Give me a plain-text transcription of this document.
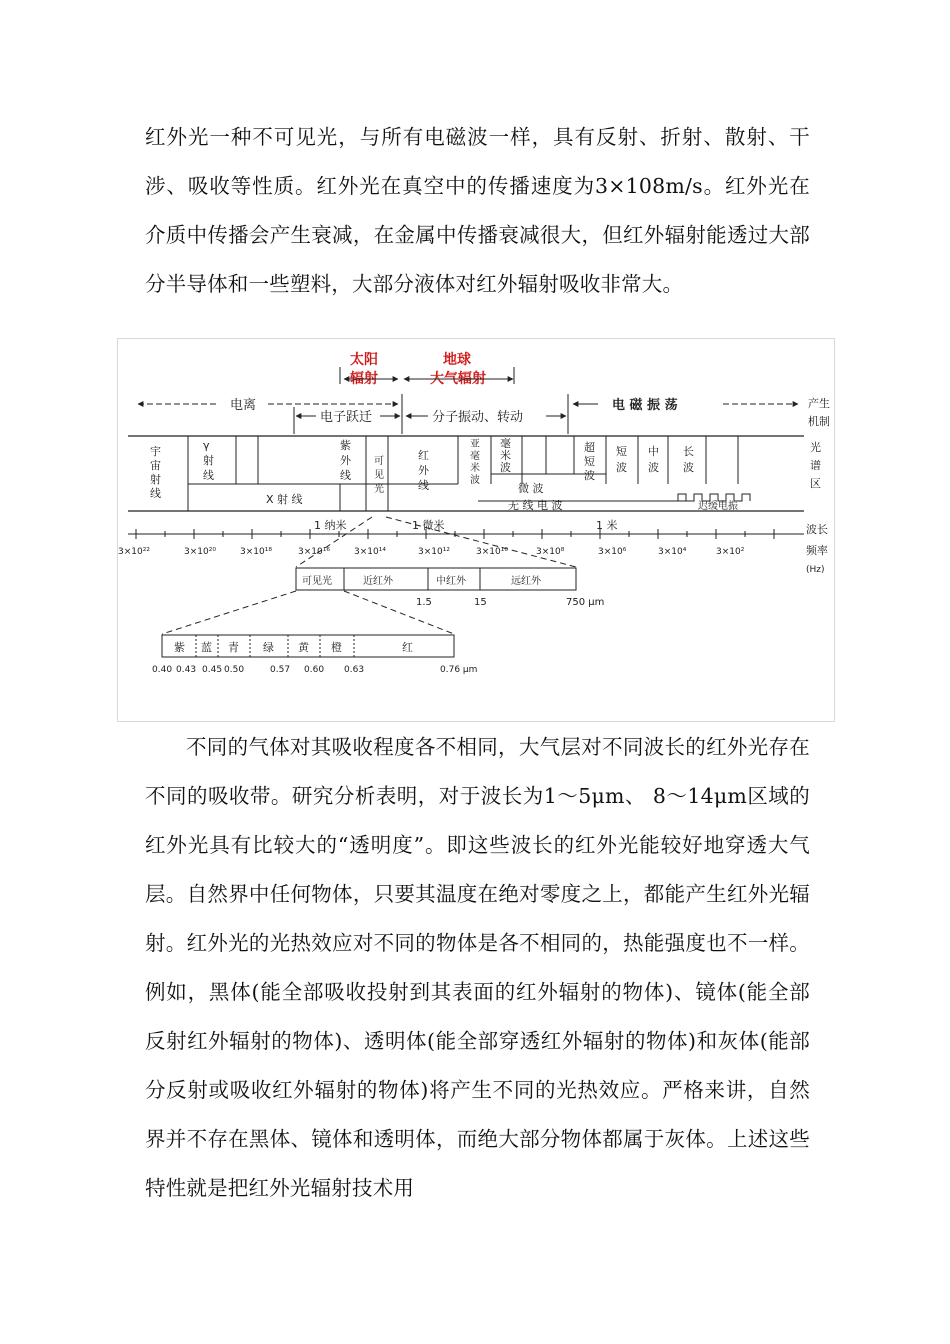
红外光一种不可见光，与所有电磁波一样，具有反射、折射、散射、干涉、吸收等性质。红外光在真空中的传播速度为3×108m/s。红外光在介质中传播会产生衰减，在金属中传播衰减很大，但红外辐射能透过大部分半导体和一些塑料，大部分液体对红外辐射吸收非常大。

太阳
辐射
地球
大气辐射
电离
电子跃迁	分子振动、转动
电 磁 振 荡	产生
机制
宇
宙
射
线
γ
射
线
紫
外
线
可
见
光
红
外
线
亚
毫
米
波
毫
米
波
微 波
超
短
波
短
波
中
波
长
波
X 射 线	无 线 电 波	迟缓电振
光
谱
区
1 纳米	1 微米	1 米	波长
3×10²²	3×10²⁰	3×10¹⁸	3×10¹⁶	3×10¹⁴	3×10¹²	3×10¹⁰	3×10⁸	3×10⁶	3×10⁴	3×10²	频率
(Hz)
可见光	近红外	中红外	远红外
1.5	15	750 μm
紫 蓝 青 绿 黄 橙	红
0.40 0.43 0.45 0.50	0.57 0.60 0.63	0.76 μm

不同的气体对其吸收程度各不相同，大气层对不同波长的红外光存在不同的吸收带。研究分析表明，对于波长为1～5μm、 8～14μm区域的红外光具有比较大的“透明度”。即这些波长的红外光能较好地穿透大气层。自然界中任何物体，只要其温度在绝对零度之上，都能产生红外光辐射。红外光的光热效应对不同的物体是各不相同的，热能强度也不一样。例如，黑体(能全部吸收投射到其表面的红外辐射的物体)、镜体(能全部反射红外辐射的物体)、透明体(能全部穿透红外辐射的物体)和灰体(能部分反射或吸收红外辐射的物体)将产生不同的光热效应。严格来讲，自然界并不存在黑体、镜体和透明体，而绝大部分物体都属于灰体。上述这些特性就是把红外光辐射技术用
